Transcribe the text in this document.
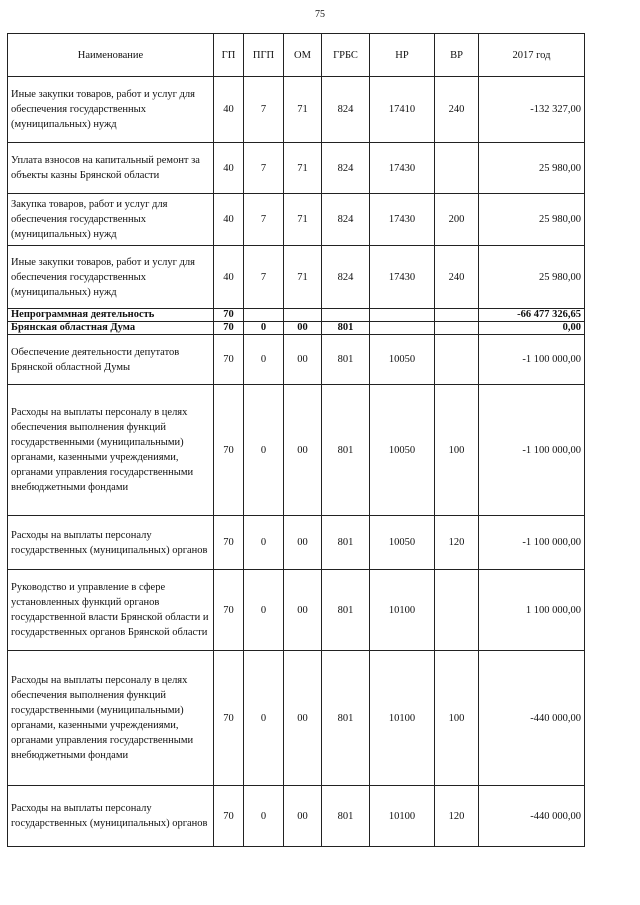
75
Наименование	ГП	ПГП	ОМ	ГРБС	НР	ВР	2017 год
Иные закупки товаров, работ и услуг для обеспечения государственных (муниципальных) нужд	40	7	71	824	17410	240	-132 327,00
Уплата взносов на капитальный ремонт за объекты казны Брянской области	40	7	71	824	17430		25 980,00
Закупка товаров, работ и услуг для обеспечения государственных (муниципальных) нужд	40	7	71	824	17430	200	25 980,00
Иные закупки товаров, работ и услуг для обеспечения государственных (муниципальных) нужд	40	7	71	824	17430	240	25 980,00
Непрограммная деятельность	70						-66 477 326,65
Брянская областная Дума	70	0	00	801			0,00
Обеспечение деятельности депутатов Брянской областной Думы	70	0	00	801	10050		-1 100 000,00
Расходы на выплаты персоналу в целях обеспечения выполнения функций государственными (муниципальными) органами, казенными учреждениями, органами управления государственными внебюджетными фондами	70	0	00	801	10050	100	-1 100 000,00
Расходы на выплаты персоналу государственных (муниципальных) органов	70	0	00	801	10050	120	-1 100 000,00
Руководство и управление в сфере установленных функций органов государственной власти Брянской области и государственных органов Брянской области	70	0	00	801	10100		1 100 000,00
Расходы на выплаты персоналу в целях обеспечения выполнения функций государственными (муниципальными) органами, казенными учреждениями, органами управления государственными внебюджетными фондами	70	0	00	801	10100	100	-440 000,00
Расходы на выплаты персоналу государственных (муниципальных) органов	70	0	00	801	10100	120	-440 000,00
